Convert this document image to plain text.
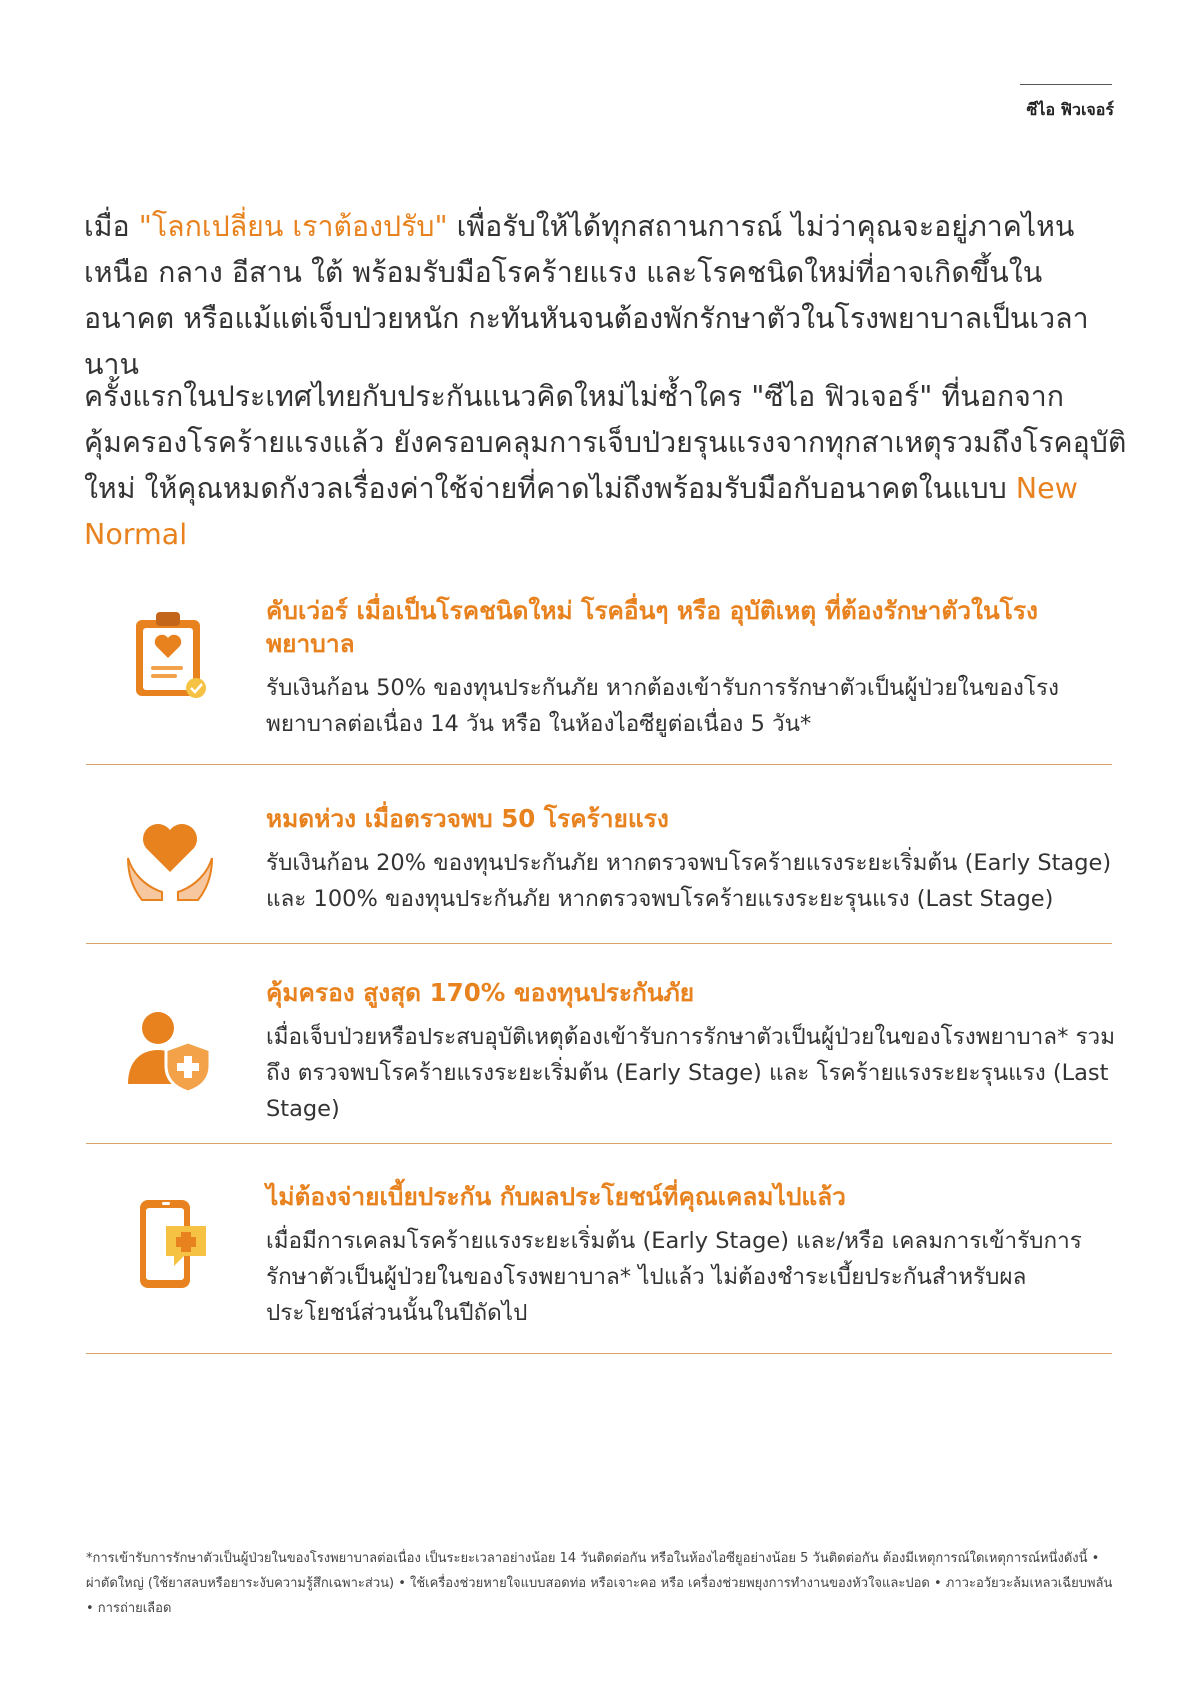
ซีไอ ฟิวเจอร์

เมื่อ "โลกเปลี่ยน เราต้องปรับ" เพื่อรับให้ได้ทุกสถานการณ์ ไม่ว่าคุณจะอยู่ภาคไหน เหนือ กลาง อีสาน ใต้ พร้อมรับมือโรคร้ายแรง และโรคชนิดใหม่ที่อาจเกิดขึ้นในอนาคต หรือแม้แต่เจ็บป่วยหนัก กะทันหันจนต้องพักรักษาตัวในโรงพยาบาลเป็นเวลานาน

ครั้งแรกในประเทศไทยกับประกันแนวคิดใหม่ไม่ซ้ำใคร "ซีไอ ฟิวเจอร์" ที่นอกจากคุ้มครองโรคร้ายแรงแล้ว ยังครอบคลุมการเจ็บป่วยรุนแรงจากทุกสาเหตุรวมถึงโรคอุบัติใหม่ ให้คุณหมดกังวลเรื่องค่าใช้จ่ายที่คาดไม่ถึงพร้อมรับมือกับอนาคตในแบบ New Normal

คับเว่อร์ เมื่อเป็นโรคชนิดใหม่ โรคอื่นๆ หรือ อุบัติเหตุ ที่ต้องรักษาตัวในโรงพยาบาล

รับเงินก้อน 50% ของทุนประกันภัย หากต้องเข้ารับการรักษาตัวเป็นผู้ป่วยในของโรงพยาบาลต่อเนื่อง 14 วัน หรือ ในห้องไอซียูต่อเนื่อง 5 วัน*

หมดห่วง เมื่อตรวจพบ 50 โรคร้ายแรง

รับเงินก้อน 20% ของทุนประกันภัย หากตรวจพบโรคร้ายแรงระยะเริ่มต้น (Early Stage) และ 100% ของทุนประกันภัย หากตรวจพบโรคร้ายแรงระยะรุนแรง (Last Stage)

คุ้มครอง สูงสุด 170% ของทุนประกันภัย

เมื่อเจ็บป่วยหรือประสบอุบัติเหตุต้องเข้ารับการรักษาตัวเป็นผู้ป่วยในของโรงพยาบาล* รวมถึง ตรวจพบโรคร้ายแรงระยะเริ่มต้น (Early Stage) และ โรคร้ายแรงระยะรุนแรง (Last Stage)

ไม่ต้องจ่ายเบี้ยประกัน กับผลประโยชน์ที่คุณเคลมไปแล้ว

เมื่อมีการเคลมโรคร้ายแรงระยะเริ่มต้น (Early Stage) และ/หรือ เคลมการเข้ารับการรักษาตัวเป็นผู้ป่วยในของโรงพยาบาล* ไปแล้ว ไม่ต้องชำระเบี้ยประกันสำหรับผลประโยชน์ส่วนนั้นในปีถัดไป

*การเข้ารับการรักษาตัวเป็นผู้ป่วยในของโรงพยาบาลต่อเนื่อง เป็นระยะเวลาอย่างน้อย 14 วันติดต่อกัน หรือในห้องไอซียูอย่างน้อย 5 วันติดต่อกัน ต้องมีเหตุการณ์ใดเหตุการณ์หนึ่งดังนี้ • ผ่าตัดใหญ่ (ใช้ยาสลบหรือยาระงับความรู้สึกเฉพาะส่วน) • ใช้เครื่องช่วยหายใจแบบสอดท่อ หรือเจาะคอ หรือ เครื่องช่วยพยุงการทำงานของหัวใจและปอด • ภาวะอวัยวะล้มเหลวเฉียบพลัน • การถ่ายเลือด
